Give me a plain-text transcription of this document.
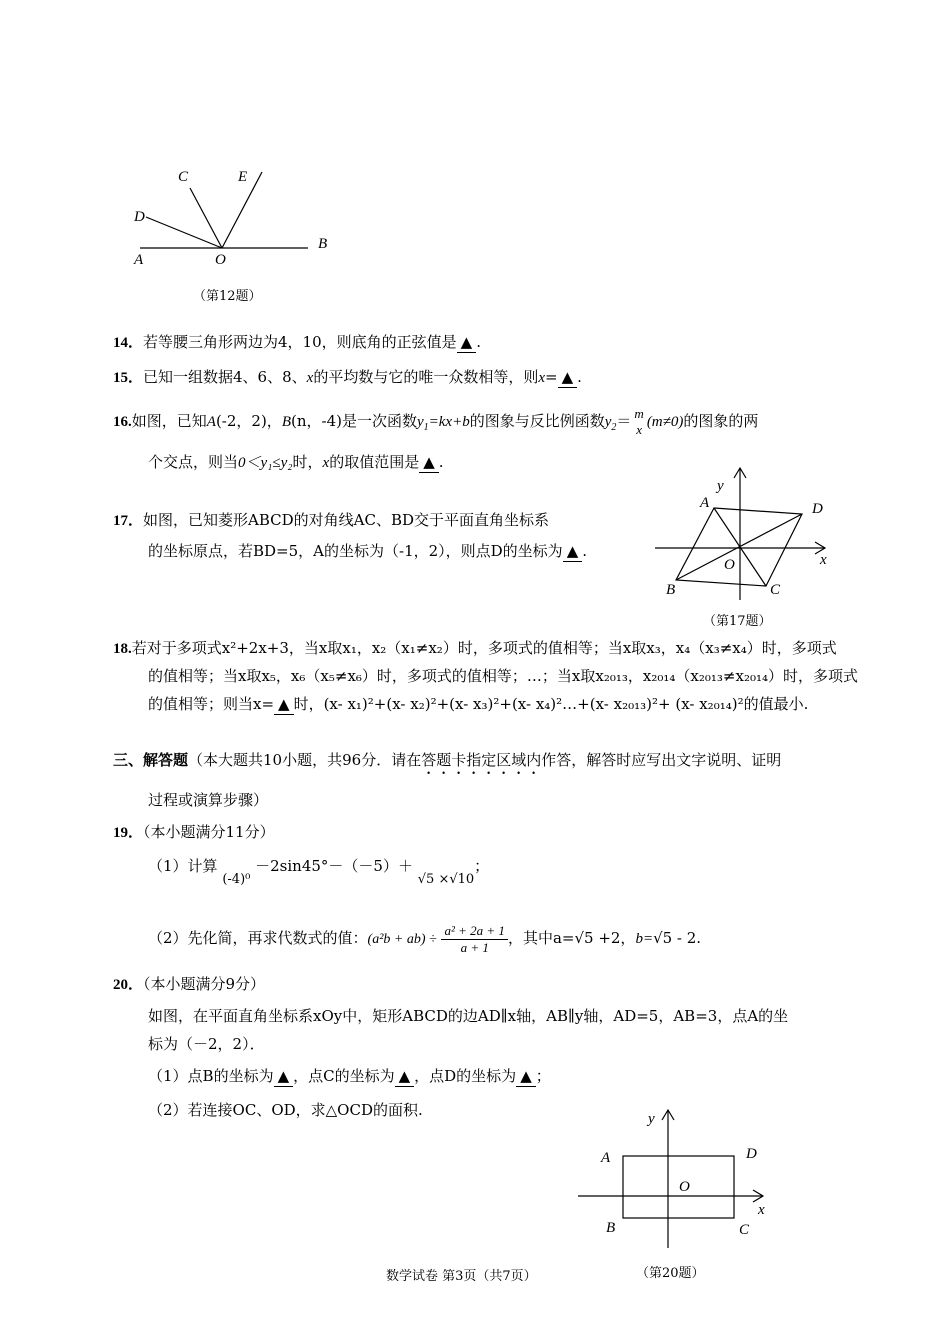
C	E
D
B
A	O
（第12题）
14．若等腰三角形两边为4，10，则底角的正弦值是 ▲ .
15．已知一组数据4、6、8、x的平均数与它的唯一众数相等，则x= ▲ .
16.如图，已知A(-2，2)，B(n，-4)是一次函数$y_1=kx+b$的图象与反比例函数$y_2= m$
x (m≠0)的图象的两
个交点，则当0＜y₁≤y₂时，x的取值范围是 ▲ .
17．如图，已知菱形ABCD的对角线AC、BD交于平面直角坐标系
的坐标原点，若BD=5，A的坐标为（-1，2），则点D的坐标为 ▲ .
y
A	D
x
O
B	C
（第17题）
18.若对于多项式x²+2x+3，当x取x₁，x₂（x₁≠x₂）时，多项式的值相等；当x取x₃，x₄（x₃≠x₄）时，多项式
的值相等；当x取x₅，x₆（x₅≠x₆）时，多项式的值相等；…；当x取x₂₀₁₃，x₂₀₁₄（x₂₀₁₃≠x₂₀₁₄）时，多项式
的值相等；则当x= ▲ 时，(x- x₁)²+(x- x₂)²+(x- x₃)²+(x- x₄)²…+(x- x₂₀₁₃)²+ (x- x₂₀₁₄)²的值最小.
三、解答题（本大题共10小题，共96分．请在答题卡指定区域内作答，解答时应写出文字说明、证明
过程或演算步骤）
19．（本小题满分11分）
（1）计算 (-4)⁰ －2sin45°－（－5）＋ √5 ×√10；
（2）先化简，再求代数式的值：$(a^2b + ab) \div \frac{\text{a² + 2a + 1}}{a + 1}$ ，其中a=√5 +2，b=√5 - 2.
20．（本小题满分9分）
如图，在平面直角坐标系xOy中，矩形ABCD的边AD∥x轴，AB∥y轴，AD=5，AB=3，点A的坐
标为（－2，2）．
（1）点B的坐标为 ▲ ，点C的坐标为 ▲ ，点D的坐标为 ▲ ；
（2）若连接OC、OD，求△OCD的面积.	y
A	D
O
x
B	C
（第20题）
数学试卷 第3页（共7页）
